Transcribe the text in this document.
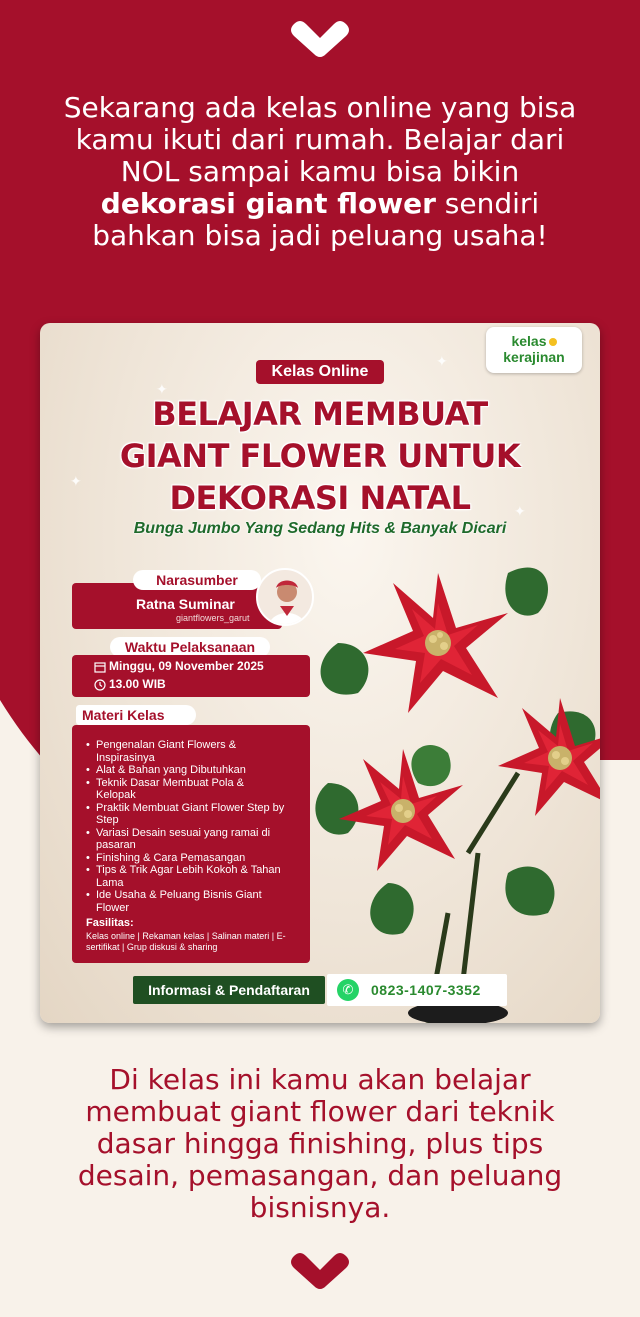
Sekarang ada kelas online yang bisa kamu ikuti dari rumah. Belajar dari NOL sampai kamu bisa bikin dekorasi giant flower sendiri bahkan bisa jadi peluang usaha!
✦
✦
✦
✦
kelas
kerajinan
Kelas Online
BELAJAR MEMBUAT
GIANT FLOWER UNTUK
DEKORASI NATAL
Bunga Jumbo Yang Sedang Hits & Banyak Dicari
Narasumber
Ratna Suminar
giantflowers_garut
Waktu Pelaksanaan
Minggu, 09 November 2025
13.00 WIB
Materi Kelas
• Pengenalan Giant Flowers & Inspirasinya
• Alat & Bahan yang Dibutuhkan
• Teknik Dasar Membuat Pola & Kelopak
• Praktik Membuat Giant Flower Step by Step
• Variasi Desain sesuai yang ramai di pasaran
• Finishing & Cara Pemasangan
• Tips & Trik Agar Lebih Kokoh & Tahan Lama
• Ide Usaha & Peluang Bisnis Giant Flower
Fasilitas:
Kelas online | Rekaman kelas | Salinan materi | E-sertifikat | Grup diskusi & sharing
Informasi & Pendaftaran	✆	0823-1407-3352
Di kelas ini kamu akan belajar membuat giant flower dari teknik dasar hingga finishing, plus tips desain, pemasangan, dan peluang bisnisnya.
